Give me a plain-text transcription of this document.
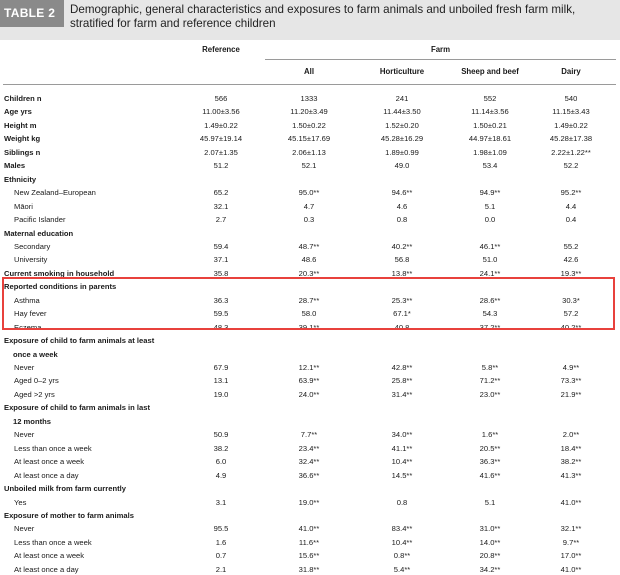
TABLE 2	Demographic, general characteristics and exposures to farm animals and unboiled fresh farm milk, stratified for farm and reference children
Reference	Farm
All	Horticulture	Sheep and beef	Dairy
Children n	566	1333	241	552	540
Age yrs	11.00±3.56	11.20±3.49	11.44±3.50	11.14±3.56	11.15±3.43
Height m	1.49±0.22	1.50±0.22	1.52±0.20	1.50±0.21	1.49±0.22
Weight kg	45.97±19.14	45.15±17.69	45.28±16.29	44.97±18.61	45.28±17.38
Siblings n	2.07±1.35	2.06±1.13	1.89±0.99	1.98±1.09	2.22±1.22**
Males	51.2	52.1	49.0	53.4	52.2
Ethnicity
New Zealand–European	65.2	95.0**	94.6**	94.9**	95.2**
Māori	32.1	4.7	4.6	5.1	4.4
Pacific Islander	2.7	0.3	0.8	0.0	0.4
Maternal education
Secondary	59.4	48.7**	40.2**	46.1**	55.2
University	37.1	48.6	56.8	51.0	42.6
Current smoking in household	35.8	20.3**	13.8**	24.1**	19.3**
Reported conditions in parents
Asthma	36.3	28.7**	25.3**	28.6**	30.3*
Hay fever	59.5	58.0	67.1*	54.3	57.2
Eczema	48.3	39.1**	40.8	37.2**	40.2**
Exposure of child to farm animals at least
once a week
Never	67.9	12.1**	42.8**	5.8**	4.9**
Aged 0–2 yrs	13.1	63.9**	25.8**	71.2**	73.3**
Aged >2 yrs	19.0	24.0**	31.4**	23.0**	21.9**
Exposure of child to farm animals in last
12 months
Never	50.9	7.7**	34.0**	1.6**	2.0**
Less than once a week	38.2	23.4**	41.1**	20.5**	18.4**
At least once a week	6.0	32.4**	10.4**	36.3**	38.2**
At least once a day	4.9	36.6**	14.5**	41.6**	41.3**
Unboiled milk from farm currently
Yes	3.1	19.0**	0.8	5.1	41.0**
Exposure of mother to farm animals
Never	95.5	41.0**	83.4**	31.0**	32.1**
Less than once a week	1.6	11.6**	10.4**	14.0**	9.7**
At least once a week	0.7	15.6**	0.8**	20.8**	17.0**
At least once a day	2.1	31.8**	5.4**	34.2**	41.0**
